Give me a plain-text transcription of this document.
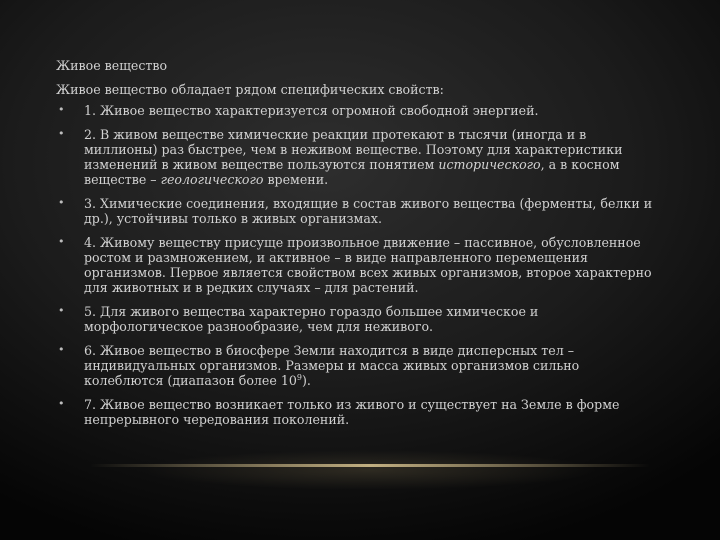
Живое вещество
Живое вещество обладает рядом специфических свойств:
• 1. Живое вещество характеризуется огромной свободной энергией.
• 2. В живом веществе химические реакции протекают в тысячи (иногда и в миллионы) раз быстрее, чем в неживом веществе. Поэтому для характеристики изменений в живом веществе пользуются понятием исторического, а в косном веществе – геологического времени.
• 3. Химические соединения, входящие в состав живого вещества (ферменты, белки и др.), устойчивы только в живых организмах.
• 4. Живому веществу присуще произвольное движение – пассивное, обусловленное ростом и размножением, и активное – в виде направленного перемещения организмов. Первое является свойством всех живых организмов, второе характерно для животных и в редких случаях – для растений.
• 5. Для живого вещества характерно гораздо большее химическое и морфологическое разнообразие, чем для неживого.
• 6. Живое вещество в биосфере Земли находится в виде дисперсных тел – индивидуальных организмов. Размеры и масса живых организмов сильно колеблются (диапазон более $10^9$).
• 7. Живое вещество возникает только из живого и существует на Земле в форме непрерывного чередования поколений.
